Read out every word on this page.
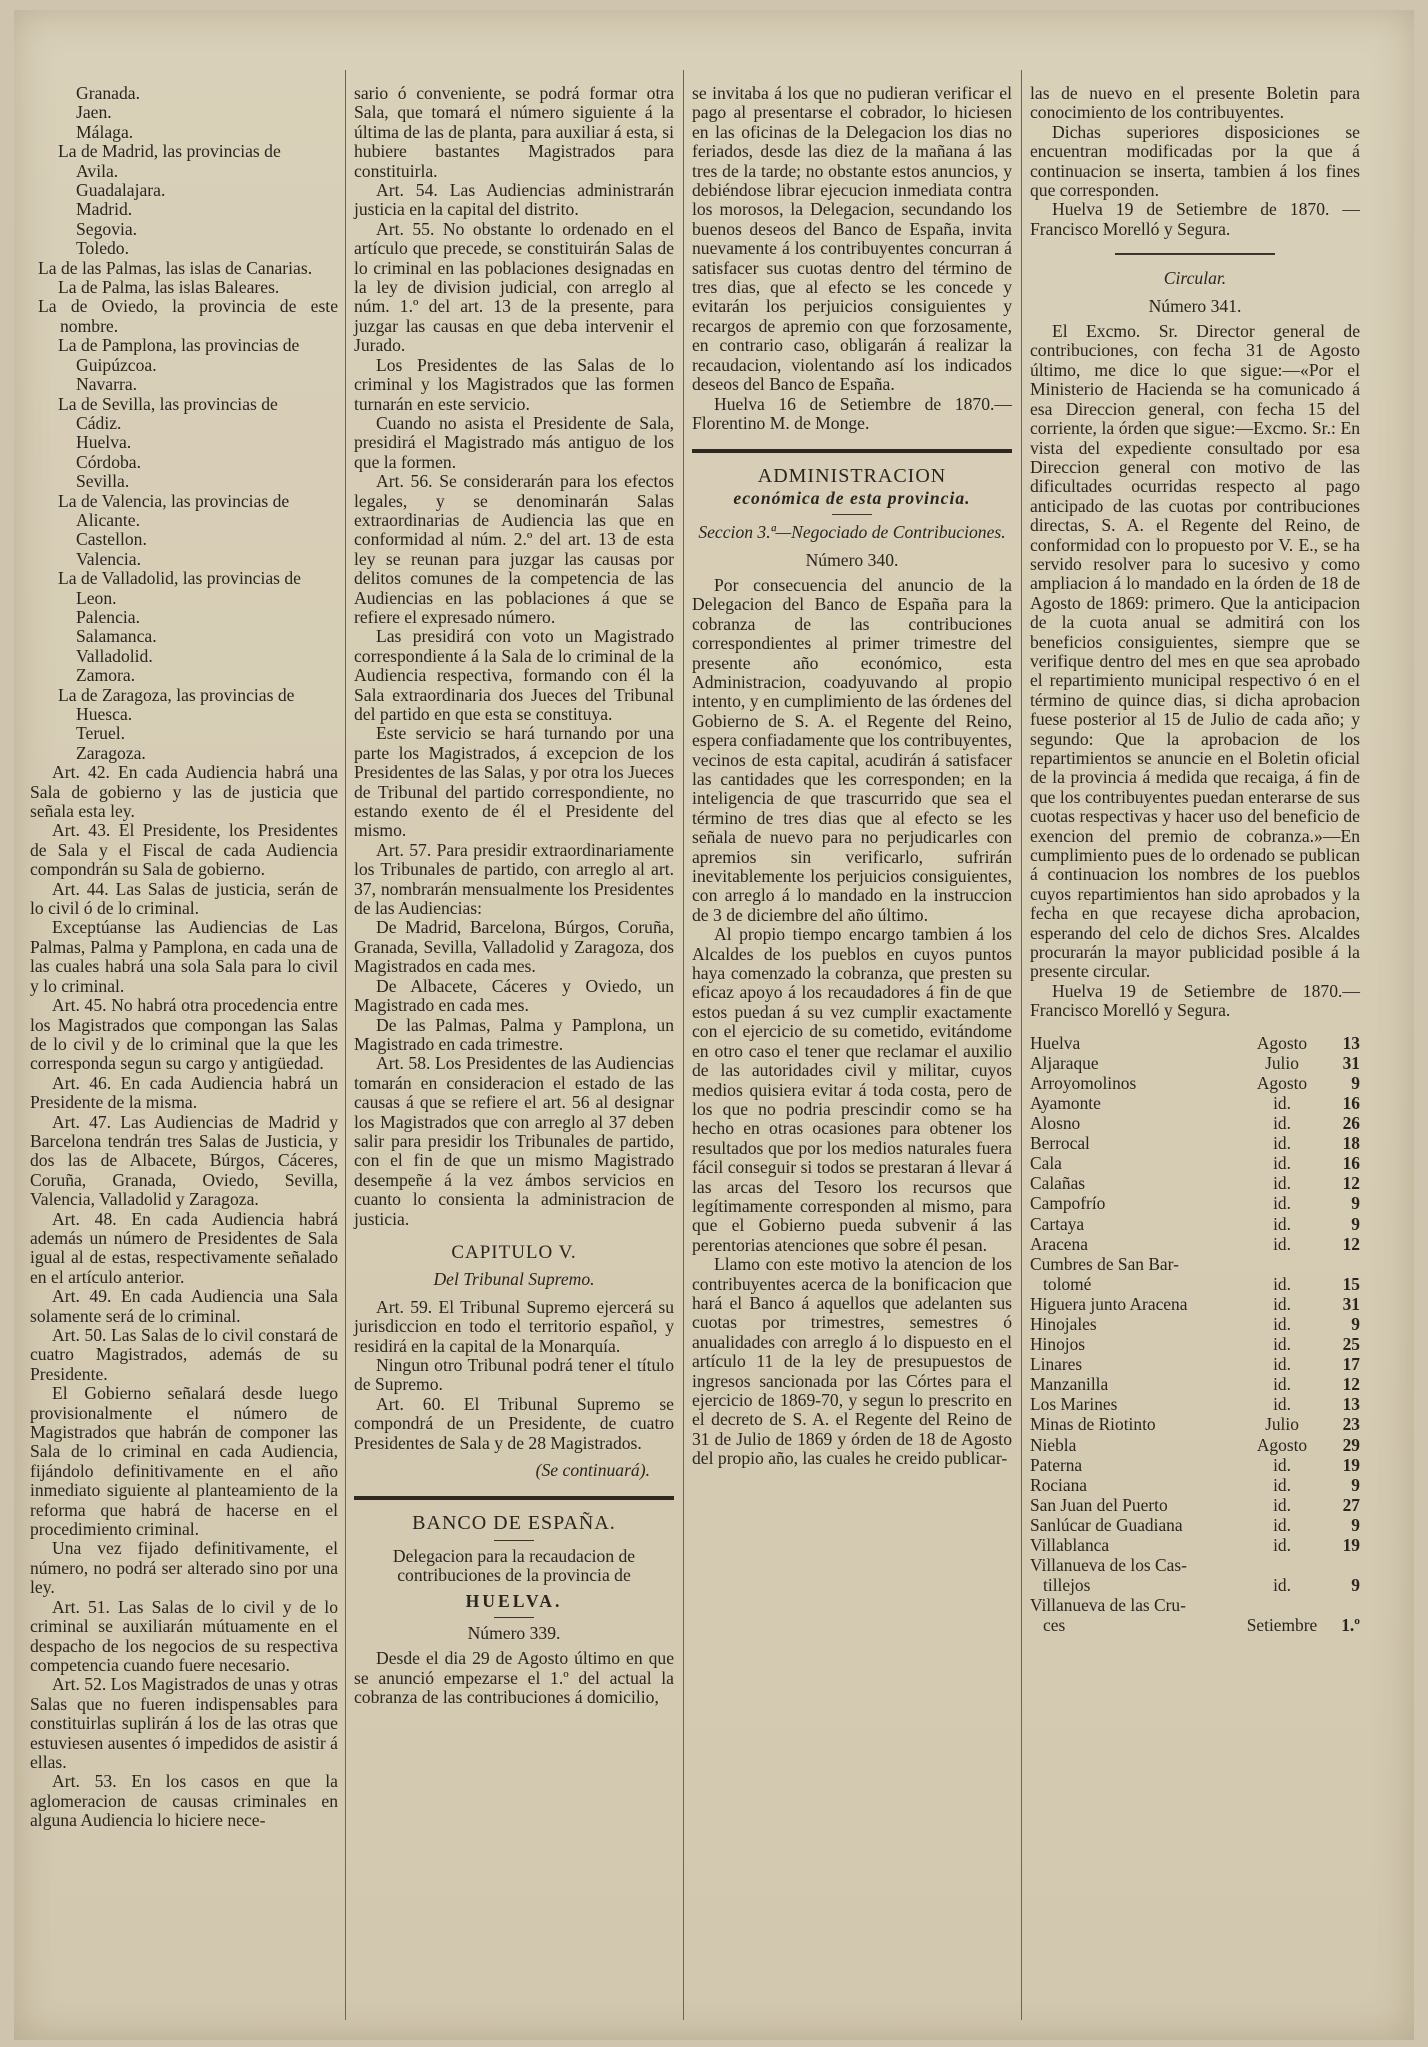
Granada.
Jaen.
Málaga.
La de Madrid, las provincias de
Avila.
Guadalajara.
Madrid.
Segovia.
Toledo.
La de las Palmas, las islas de Canarias.
La de Palma, las islas Baleares.
La de Oviedo, la provincia de este nombre.
La de Pamplona, las provincias de
Guipúzcoa.
Navarra.
La de Sevilla, las provincias de
Cádiz.
Huelva.
Córdoba.
Sevilla.
La de Valencia, las provincias de
Alicante.
Castellon.
Valencia.
La de Valladolid, las provincias de
Leon.
Palencia.
Salamanca.
Valladolid.
Zamora.
La de Zaragoza, las provincias de
Huesca.
Teruel.
Zaragoza.

Art. 42. En cada Audiencia habrá una Sala de gobierno y las de justicia que señala esta ley.

Art. 43. El Presidente, los Presidentes de Sala y el Fiscal de cada Audiencia compondrán su Sala de gobierno.

Art. 44. Las Salas de justicia, serán de lo civil ó de lo criminal.

Exceptúanse las Audiencias de Las Palmas, Palma y Pamplona, en cada una de las cuales habrá una sola Sala para lo civil y lo criminal.

Art. 45. No habrá otra procedencia entre los Magistrados que compongan las Salas de lo civil y de lo criminal que la que les corresponda segun su cargo y antigüedad.

Art. 46. En cada Audiencia habrá un Presidente de la misma.

Art. 47. Las Audiencias de Madrid y Barcelona tendrán tres Salas de Justicia, y dos las de Albacete, Búrgos, Cáceres, Coruña, Granada, Oviedo, Sevilla, Valencia, Valladolid y Zaragoza.

Art. 48. En cada Audiencia habrá además un número de Presidentes de Sala igual al de estas, respectivamente señalado en el artículo anterior.

Art. 49. En cada Audiencia una Sala solamente será de lo criminal.

Art. 50. Las Salas de lo civil constará de cuatro Magistrados, además de su Presidente.

El Gobierno señalará desde luego provisionalmente el número de Magistrados que habrán de componer las Sala de lo criminal en cada Audiencia, fijándolo definitivamente en el año inmediato siguiente al planteamiento de la reforma que habrá de hacerse en el procedimiento criminal.

Una vez fijado definitivamente, el número, no podrá ser alterado sino por una ley.

Art. 51. Las Salas de lo civil y de lo criminal se auxiliarán mútuamente en el despacho de los negocios de su respectiva competencia cuando fuere necesario.

Art. 52. Los Magistrados de unas y otras Salas que no fueren indispensables para constituirlas suplirán á los de las otras que estuviesen ausentes ó impedidos de asistir á ellas.

Art. 53. En los casos en que la aglomeracion de causas criminales en alguna Audiencia lo hiciere nece-

sario ó conveniente, se podrá formar otra Sala, que tomará el número siguiente á la última de las de planta, para auxiliar á esta, si hubiere bastantes Magistrados para constituirla.

Art. 54. Las Audiencias administrarán justicia en la capital del distrito.

Art. 55. No obstante lo ordenado en el artículo que precede, se constituirán Salas de lo criminal en las poblaciones designadas en la ley de division judicial, con arreglo al núm. 1.º del art. 13 de la presente, para juzgar las causas en que deba intervenir el Jurado.

Los Presidentes de las Salas de lo criminal y los Magistrados que las formen turnarán en este servicio.

Cuando no asista el Presidente de Sala, presidirá el Magistrado más antiguo de los que la formen.

Art. 56. Se considerarán para los efectos legales, y se denominarán Salas extraordinarias de Audiencia las que en conformidad al núm. 2.º del art. 13 de esta ley se reunan para juzgar las causas por delitos comunes de la competencia de las Audiencias en las poblaciones á que se refiere el expresado número.

Las presidirá con voto un Magistrado correspondiente á la Sala de lo criminal de la Audiencia respectiva, formando con él la Sala extraordinaria dos Jueces del Tribunal del partido en que esta se constituya.

Este servicio se hará turnando por una parte los Magistrados, á excepcion de los Presidentes de las Salas, y por otra los Jueces de Tribunal del partido correspondiente, no estando exento de él el Presidente del mismo.

Art. 57. Para presidir extraordinariamente los Tribunales de partido, con arreglo al art. 37, nombrarán mensualmente los Presidentes de las Audiencias:

De Madrid, Barcelona, Búrgos, Coruña, Granada, Sevilla, Valladolid y Zaragoza, dos Magistrados en cada mes.

De Albacete, Cáceres y Oviedo, un Magistrado en cada mes.

De las Palmas, Palma y Pamplona, un Magistrado en cada trimestre.

Art. 58. Los Presidentes de las Audiencias tomarán en consideracion el estado de las causas á que se refiere el art. 56 al designar los Magistrados que con arreglo al 37 deben salir para presidir los Tribunales de partido, con el fin de que un mismo Magistrado desempeñe á la vez ámbos servicios en cuanto lo consienta la administracion de justicia.

CAPITULO V.
Del Tribunal Supremo.

Art. 59. El Tribunal Supremo ejercerá su jurisdiccion en todo el territorio español, y residirá en la capital de la Monarquía.

Ningun otro Tribunal podrá tener el título de Supremo.

Art. 60. El Tribunal Supremo se compondrá de un Presidente, de cuatro Presidentes de Sala y de 28 Magistrados.

(Se continuará).
BANCO DE ESPAÑA.
Delegacion para la recaudacion de contribuciones de la provincia de
HUELVA.
Número 339.

Desde el dia 29 de Agosto último en que se anunció empezarse el 1.º del actual la cobranza de las contribuciones á domicilio,

se invitaba á los que no pudieran verificar el pago al presentarse el cobrador, lo hiciesen en las oficinas de la Delegacion los dias no feriados, desde las diez de la mañana á las tres de la tarde; no obstante estos anuncios, y debiéndose librar ejecucion inmediata contra los morosos, la Delegacion, secundando los buenos deseos del Banco de España, invita nuevamente á los contribuyentes concurran á satisfacer sus cuotas dentro del término de tres dias, que al efecto se les concede y evitarán los perjuicios consiguientes y recargos de apremio con que forzosamente, en contrario caso, obligarán á realizar la recaudacion, violentando así los indicados deseos del Banco de España.

Huelva 16 de Setiembre de 1870.—Florentino M. de Monge.

ADMINISTRACION
económica de esta provincia.
Seccion 3.ª—Negociado de Contribuciones.
Número 340.

Por consecuencia del anuncio de la Delegacion del Banco de España para la cobranza de las contribuciones correspondientes al primer trimestre del presente año económico, esta Administracion, coadyuvando al propio intento, y en cumplimiento de las órdenes del Gobierno de S. A. el Regente del Reino, espera confiadamente que los contribuyentes, vecinos de esta capital, acudirán á satisfacer las cantidades que les corresponden; en la inteligencia de que trascurrido que sea el término de tres dias que al efecto se les señala de nuevo para no perjudicarles con apremios sin verificarlo, sufrirán inevitablemente los perjuicios consiguientes, con arreglo á lo mandado en la instruccion de 3 de diciembre del año último.

Al propio tiempo encargo tambien á los Alcaldes de los pueblos en cuyos puntos haya comenzado la cobranza, que presten su eficaz apoyo á los recaudadores á fin de que estos puedan á su vez cumplir exactamente con el ejercicio de su cometido, evitándome en otro caso el tener que reclamar el auxilio de las autoridades civil y militar, cuyos medios quisiera evitar á toda costa, pero de los que no podria prescindir como se ha hecho en otras ocasiones para obtener los resultados que por los medios naturales fuera fácil conseguir si todos se prestaran á llevar á las arcas del Tesoro los recursos que legítimamente corresponden al mismo, para que el Gobierno pueda subvenir á las perentorias atenciones que sobre él pesan.

Llamo con este motivo la atencion de los contribuyentes acerca de la bonificacion que hará el Banco á aquellos que adelanten sus cuotas por trimestres, semestres ó anualidades con arreglo á lo dispuesto en el artículo 11 de la ley de presupuestos de ingresos sancionada por las Córtes para el ejercicio de 1869-70, y segun lo prescrito en el decreto de S. A. el Regente del Reino de 31 de Julio de 1869 y órden de 18 de Agosto del propio año, las cuales he creido publicar-

las de nuevo en el presente Boletin para conocimiento de los contribuyentes.

Dichas superiores disposiciones se encuentran modificadas por la que á continuacion se inserta, tambien á los fines que corresponden.

Huelva 19 de Setiembre de 1870. —Francisco Morelló y Segura.

Circular.
Número 341.

El Excmo. Sr. Director general de contribuciones, con fecha 31 de Agosto último, me dice lo que sigue:—«Por el Ministerio de Hacienda se ha comunicado á esa Direccion general, con fecha 15 del corriente, la órden que sigue:—Excmo. Sr.: En vista del expediente consultado por esa Direccion general con motivo de las dificultades ocurridas respecto al pago anticipado de las cuotas por contribuciones directas, S. A. el Regente del Reino, de conformidad con lo propuesto por V. E., se ha servido resolver para lo sucesivo y como ampliacion á lo mandado en la órden de 18 de Agosto de 1869: primero. Que la anticipacion de la cuota anual se admitirá con los beneficios consiguientes, siempre que se verifique dentro del mes en que sea aprobado el repartimiento municipal respectivo ó en el término de quince dias, si dicha aprobacion fuese posterior al 15 de Julio de cada año; y segundo: Que la aprobacion de los repartimientos se anuncie en el Boletin oficial de la provincia á medida que recaiga, á fin de que los contribuyentes puedan enterarse de sus cuotas respectivas y hacer uso del beneficio de exencion del premio de cobranza.»—En cumplimiento pues de lo ordenado se publican á continuacion los nombres de los pueblos cuyos repartimientos han sido aprobados y la fecha en que recayese dicha aprobacion, esperando del celo de dichos Sres. Alcaldes procurarán la mayor publicidad posible á la presente circular.

Huelva 19 de Setiembre de 1870.—Francisco Morelló y Segura.

Huelva	Agosto	13
Aljaraque	Julio	31
Arroyomolinos	Agosto	9
Ayamonte	id.	16
Alosno	id.	26
Berrocal	id.	18
Cala	id.	16
Calañas	id.	12
Campofrío	id.	9
Cartaya	id.	9
Aracena	id.	12
Cumbres de San Bar-		
tolomé	id.	15
Higuera junto Aracena	id.	31
Hinojales	id.	9
Hinojos	id.	25
Linares	id.	17
Manzanilla	id.	12
Los Marines	id.	13
Minas de Riotinto	Julio	23
Niebla	Agosto	29
Paterna	id.	19
Rociana	id.	9
San Juan del Puerto	id.	27
Sanlúcar de Guadiana	id.	9
Villablanca	id.	19
Villanueva de los Cas-		
tillejos	id.	9
Villanueva de las Cru-		
ces	Setiembre	1.º
